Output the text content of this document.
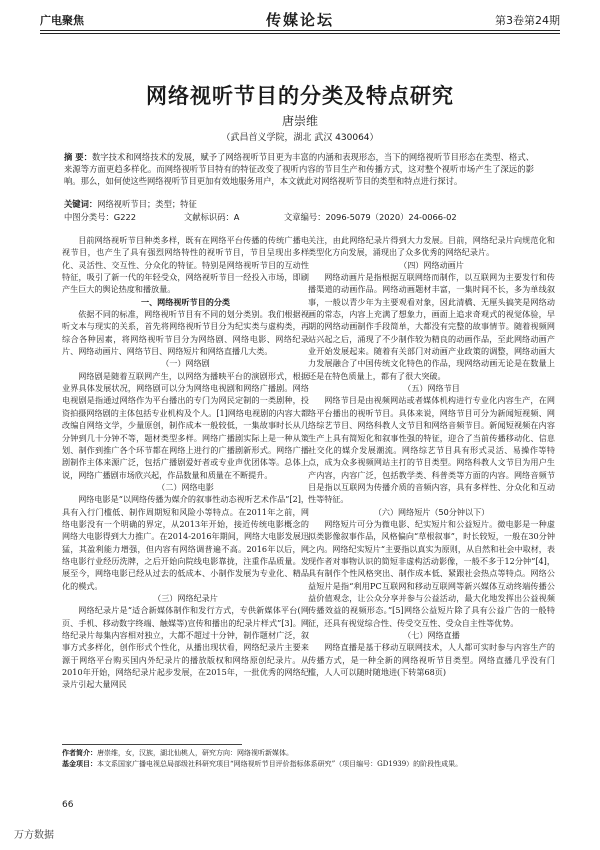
广电聚焦	传媒论坛	第3卷第24期
网络视听节目的分类及特点研究
唐崇维
（武昌首义学院，湖北 武汉 430064）
摘 要：数字技术和网络技术的发展，赋予了网络视听节目更为丰富的内涵和表现形态，当下的网络视听节目形态在类型、格式、来源等方面更趋多样化。而网络视听节目特有的特征改变了视听内容的节目生产和传播方式，这对整个视听市场产生了深远的影响。那么，如何使这些网络视听节目更加有效地服务用户，本文就此对网络视听节目的类型和特点进行探讨。
关键词：网络视听节目；类型；特征
中图分类号：G222	文献标识码：A	文章编号：2096-5079（2020）24-0066-02

目前网络视听节目种类多样，既有在网络平台传播的传统广播电视节目，也产生了具有强烈网络特性的视听节目，节目呈现出多样化、灵活性、交互性、分众化的特征。特别是网络视听节目的互动性特征，吸引了新一代的年轻受众，网络视听节目一经投入市场，即刷产生巨大的舆论热度和播放量。

一、网络视听节目的分类

依据不同的标准，网络视听节目有不同的划分类别。我们根据视听文本与现实的关系，首先将网络视听节目分为纪实类与虚构类，再综合各种因素，将网络视听节目分为网络剧、网络电影、网络纪录片、网络动画片、网络节目、网络短片和网络直播几大类。

（一）网络剧

网络剧是随着互联网产生，以网络为播映平台的演剧形式，根据业界具体发展状况，网络剧可以分为网络电视剧和网络广播剧。网络电视剧是指通过网络作为平台播出的专门为网民定制的一类剧种，投资拍摄网络剧的主体包括专业机构及个人。[1]网络电视剧的内容大都改编自网络文学，少量原创，制作成本一般较低，一集故事时长从几分钟到几十分钟不等，题材类型多样。网络广播剧实际上是一种从策划、制作到推广各个环节都在网络上进行的广播剧新形式。网络广播剧制作主体来源广泛，包括广播剧爱好者或专业声优团体等。总体上说，网络广播剧市场欣兴起，作品数量和质量在不断提升。

（二）网络电影

网络电影是“以网络传播为媒介的叙事性动态视听艺术作品”[2]，具有入行门槛低、制作周期短和风险小等特点。在2011年之前，网络电影没有一个明确的界定，从2013年开始，接近传统电影概念的网络大电影得到大力推广。在2014-2016年期间，网络大电影发展迅猛，其盈利能力增强，但内容有网络调普遍不高。2016年以后，网络电影行业经历洗牌，之后开始向院线电影靠拢，注重作品质量。发展至今，网络电影已经从过去的低成本、小制作发展为专业化、精品化的模式。

（三）网络纪录片

网络纪录片是“适合新媒体制作和发行方式，专供新媒体平台(网页、手机、移动数字终端、触媒等)宣传和播出的纪录片样式”[3]。网络纪录片每集内容相对独立，大都不超过十分钟，制作题材广泛，叙事方式多样化，创作形式个性化，从播出现状看，网络纪录片主要来源于网络平台购买国内外纪录片的播放版权和网络原创纪录片。从2010年开始，网络纪录片起步发展，在2015年，一批优秀的网络纪录片引起大量网民

关注，由此网络纪录片得到大力发展。目前，网络纪录片向规范化和类型化方向发展，涌现出了众多优秀的网络纪录片。

（四）网络动画片

网络动画片是指根据互联网络而制作，以互联网为主要发行和传播渠道的动画作品。网络动画题材丰富，一集时间不长，多为单线叙事，一般以青少年为主要观看对象，因此清橋、无厘头搞笑是网络动画的常态，内容上充满了想象力，画面上追求奇观式的视觉体验，早期的网络动画制作手段简单，大都没有完整的故事情节。随着视频网站兴起之后，涌现了不少制作较为精良的动画作品，至此网络动画产业开始发展起来。随着有关部门对动画产业政策的调整，网络动画大力发展融合了中国传统文化特色的作品，现网络动画无论是在数量上还是在特色质量上，都有了很大突破。

（五）网络节目

网络节目是由视频网站或者媒体机构进行专业化内容生产，在网络平台播出的视听节目。具体来说，网络节目可分为新闻短视频、网络综艺节目、网络科教人文节目和网络音频节目。新闻短视频在内容生产上具有简短化和叙事性强的特征，迎合了当前传播移动化、信息社交化的媒介发展潮流。网络综艺节目具有形式灵活、易操作等特点，成为众多视频网站主打的节目类型。网络科教人文节目为用户生产内容，内容广泛，包括教学类、科普类等方面的内容。网络音频节目是指以互联网为传播介质的音频内容，具有多样性、分众化和互动性等特征。

（六）网络短片（50分钟以下）

网络短片可分为微电影、纪实短片和公益短片。微电影是一种虚拟类影像叙事作品，风格偏向“草根叙事”，时长较短，一般在30分钟之内。网络纪实短片“主要指以真实为原则，从自然和社会中取材，表现作者对事物认识的简短非虚构活动影像，一般不多于12分钟”[4]，具有制作个性风格突出、制作成本低、紧跟社会热点等特点。网络公益短片是指“利用PC互联网和移动互联网等新兴媒体互动终端传播公益价值观念，让公众分享并参与公益活动，最大化地发挥出公益视频传播效益的视频形态。”[5]网络公益短片除了具有公益广告的一般特征，还具有视觉综合性、传受交互性、受众自主性等优势。

（七）网络直播

网络直播是基于移动互联网技术，人人都可实时参与内容生产的传播方式，是一种全新的网络视听节目类型。网络直播几乎没有门槛，人人可以随时随地进(下转第68页)

作者简介：唐崇维，女，汉族，湖北仙桃人，研究方向：网络视听新媒体。
基金项目：本文系国家广播电视总局部级社科研究项目“网络视听节目评价指标体系研究”（项目编号：GD1939）的阶段性成果。
66
万方数据
